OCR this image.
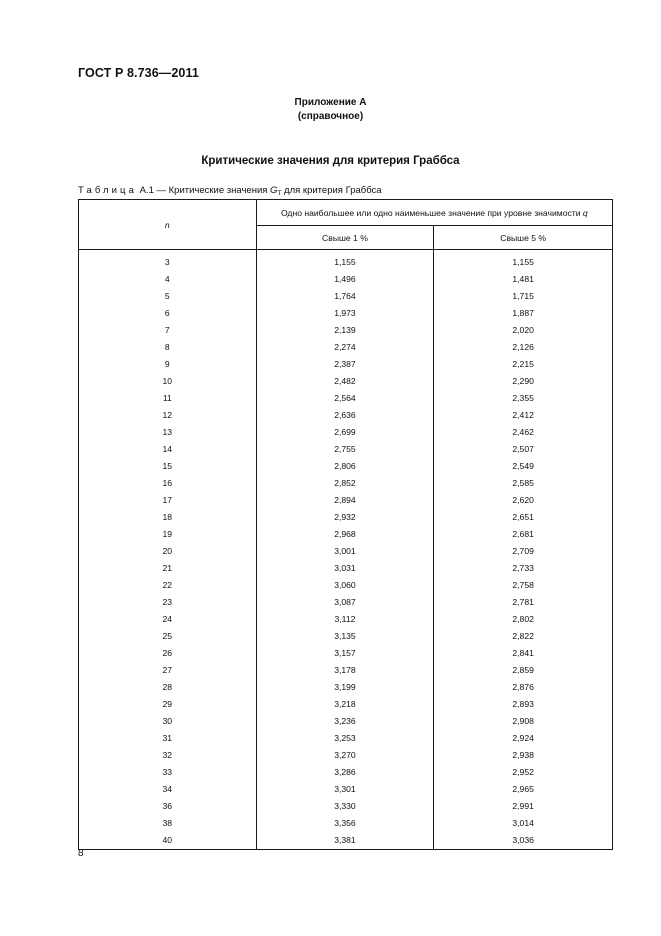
ГОСТ Р 8.736—2011
Приложение А
(справочное)
Критические значения для критерия Граббса
Таблица А.1 — Критические значения $G_T$ для критерия Граббса
n	Одно наибольшее или одно наименьшее значение при уровне значимости q	
	Свыше 1 %	Свыше 5 %

3	1,155	1,155
4	1,496	1,481
5	1,764	1,715
6	1,973	1,887
7	2,139	2,020
8	2,274	2,126
9	2,387	2,215
10	2,482	2,290
11	2,564	2,355
12	2,636	2,412
13	2,699	2,462
14	2,755	2,507
15	2,806	2,549
16	2,852	2,585
17	2,894	2,620
18	2,932	2,651
19	2,968	2,681
20	3,001	2,709
21	3,031	2,733
22	3,060	2,758
23	3,087	2,781
24	3,112	2,802
25	3,135	2,822
26	3,157	2,841
27	3,178	2,859
28	3,199	2,876
29	3,218	2,893
30	3,236	2,908
31	3,253	2,924
32	3,270	2,938
33	3,286	2,952
34	3,301	2,965
36	3,330	2,991
38	3,356	3,014
40	3,381	3,036
8
